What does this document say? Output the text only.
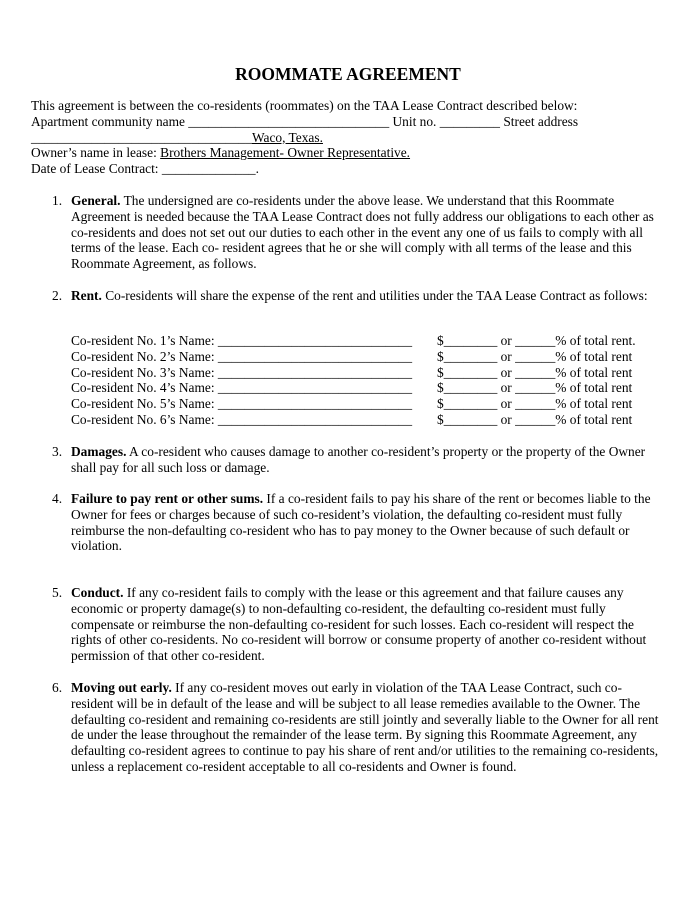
ROOMMATE AGREEMENT
This agreement is between the co-residents (roommates) on the TAA Lease Contract described below:
Apartment community name ______________________________ Unit no. _________ Street address
_________________________________Waco, Texas.
Owner’s name in lease: Brothers Management- Owner Representative.
Date of Lease Contract: ______________.
1. General. The undersigned are co-residents under the above lease. We understand that this Roommate Agreement is needed because the TAA Lease Contract does not fully address our obligations to each other as co-residents and does not set out our duties to each other in the event any one of us fails to comply with all terms of the lease. Each co- resident agrees that he or she will comply with all terms of the lease and this Roommate Agreement, as follows.
2. Rent. Co-residents will share the expense of the rent and utilities under the TAA Lease Contract as follows:
Co-resident No. 1’s Name: _____________________________ $________ or ______% of total rent.
Co-resident No. 2’s Name: _____________________________ $________ or ______% of total rent
Co-resident No. 3’s Name: _____________________________ $________ or ______% of total rent
Co-resident No. 4’s Name: _____________________________ $________ or ______% of total rent
Co-resident No. 5’s Name: _____________________________ $________ or ______% of total rent
Co-resident No. 6’s Name: _____________________________ $________ or ______% of total rent
3. Damages. A co-resident who causes damage to another co-resident’s property or the property of the Owner shall pay for all such loss or damage.
4. Failure to pay rent or other sums. If a co-resident fails to pay his share of the rent or becomes liable to the Owner for fees or charges because of such co-resident’s violation, the defaulting co-resident must fully reimburse the non-defaulting co-resident who has to pay money to the Owner because of such default or violation.
5. Conduct. If any co-resident fails to comply with the lease or this agreement and that failure causes any economic or property damage(s) to non-defaulting co-resident, the defaulting co-resident must fully compensate or reimburse the non-defaulting co-resident for such losses. Each co-resident will respect the rights of other co-residents. No co-resident will borrow or consume property of another co-resident without permission of that other co-resident.
6. Moving out early. If any co-resident moves out early in violation of the TAA Lease Contract, such co-resident will be in default of the lease and will be subject to all lease remedies available to the Owner. The defaulting co-resident and remaining co-residents are still jointly and severally liable to the Owner for all rent de under the lease throughout the remainder of the lease term. By signing this Roommate Agreement, any defaulting co-resident agrees to continue to pay his share of rent and/or utilities to the remaining co-residents, unless a replacement co-resident acceptable to all co-residents and Owner is found.
